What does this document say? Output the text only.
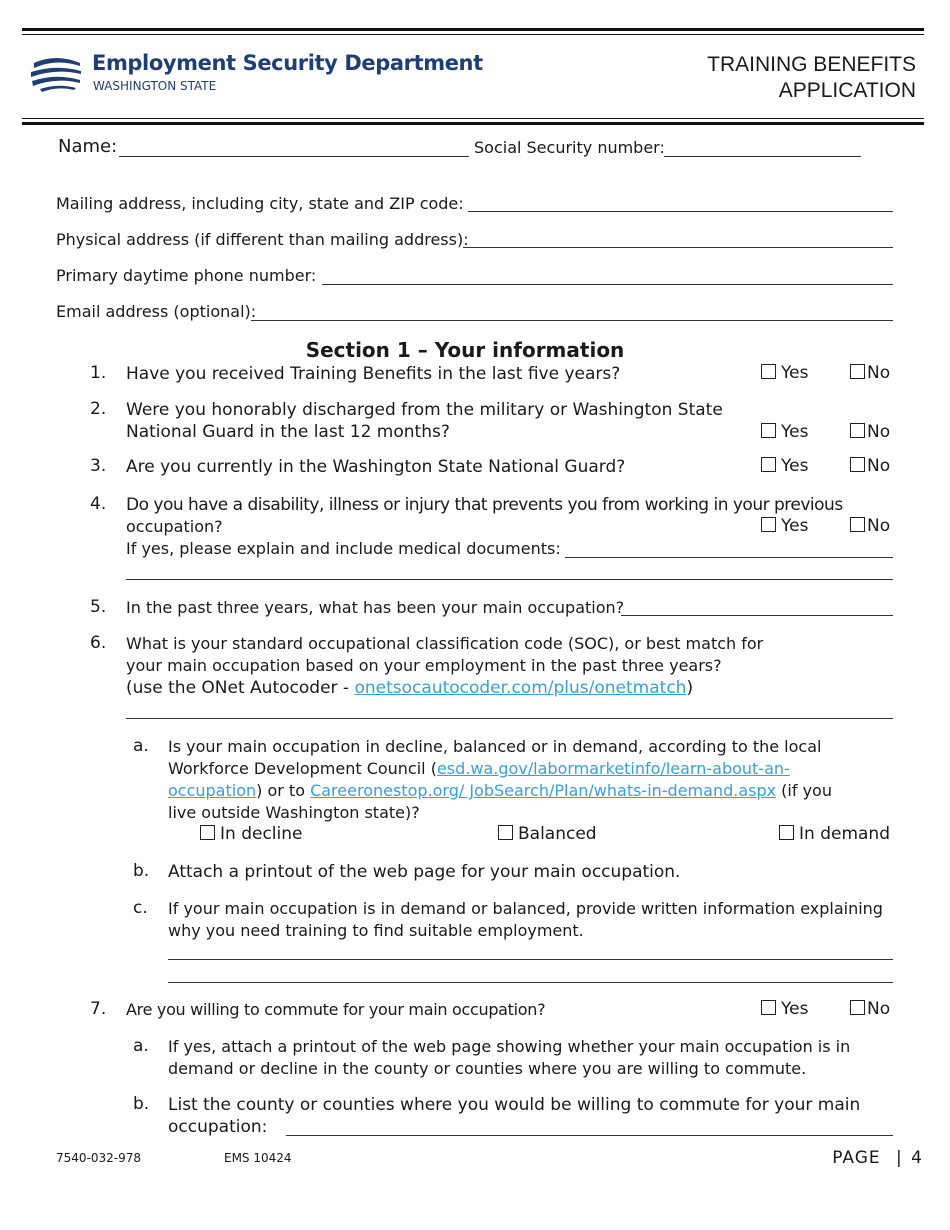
Employment Security Department
WASHINGTON STATE
TRAINING BENEFITS
APPLICATION
Name:	Social Security number:
Mailing address, including city, state and ZIP code:
Physical address (if different than mailing address):
Primary daytime phone number:
Email address (optional):
Section 1 – Your information
1. Have you received Training Benefits in the last five years?	Yes	No
2. Were you honorably discharged from the military or Washington State
National Guard in the last 12 months?	Yes	No
3. Are you currently in the Washington State National Guard?	Yes	No
4. Do you have a disability, illness or injury that prevents you from working in your previous
occupation?	Yes	No
If yes, please explain and include medical documents:
5. In the past three years, what has been your main occupation?
6. What is your standard occupational classification code (SOC), or best match for
your main occupation based on your employment in the past three years?
(use the ONet Autocoder - onetsocautocoder.com/plus/onetmatch)
a. Is your main occupation in decline, balanced or in demand, according to the local
Workforce Development Council (esd.wa.gov/labormarketinfo/learn-about-an-
occupation) or to Careeronestop.org/ JobSearch/Plan/whats-in-demand.aspx (if you
live outside Washington state)?
In decline	Balanced	In demand
b. Attach a printout of the web page for your main occupation.
c. If your main occupation is in demand or balanced, provide written information explaining
why you need training to find suitable employment.
7. Are you willing to commute for your main occupation?	Yes	No
a. If yes, attach a printout of the web page showing whether your main occupation is in
demand or decline in the county or counties where you are willing to commute.
b. List the county or counties where you would be willing to commute for your main
occupation:
7540-032-978	EMS 10424	PAGE | 4
